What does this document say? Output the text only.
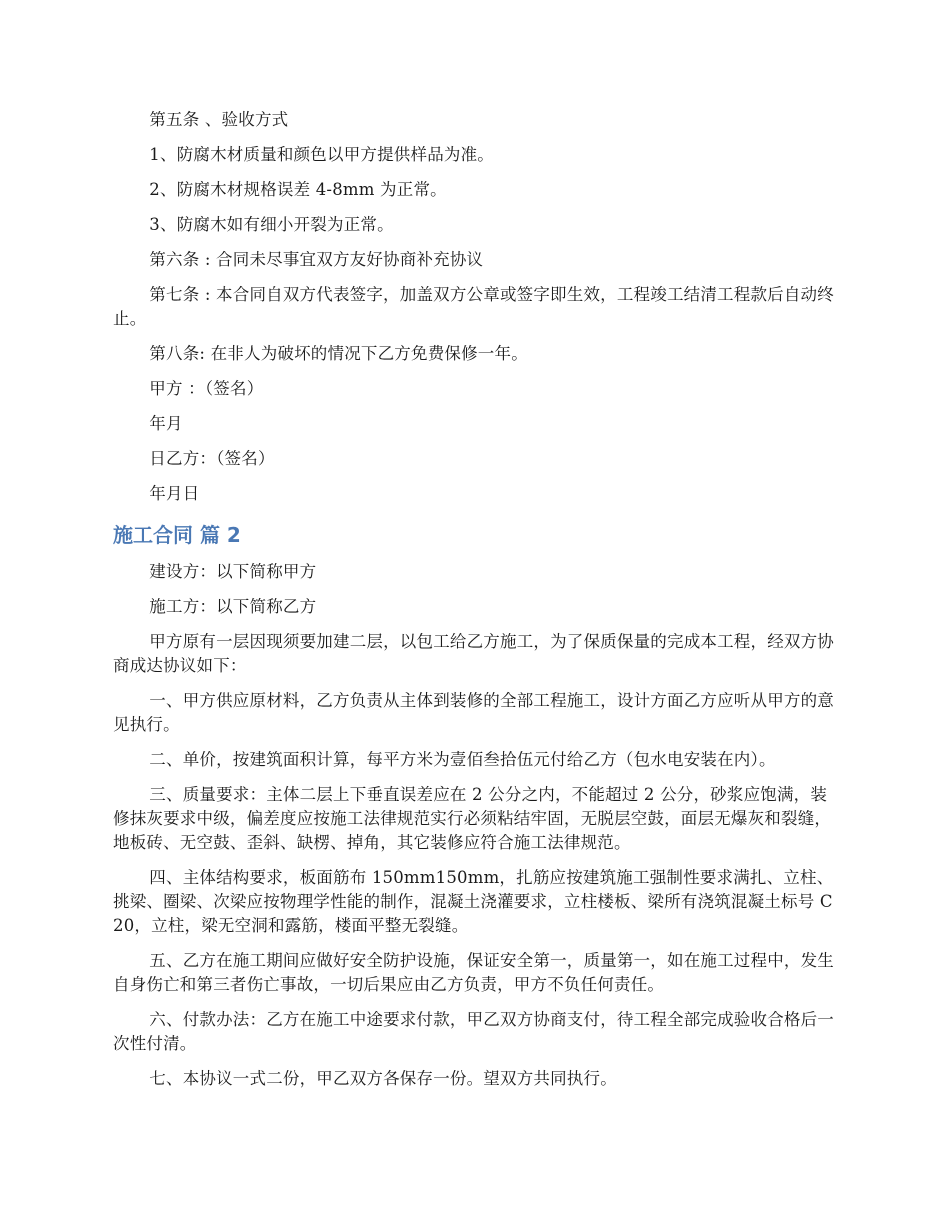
第五条 、验收方式

1、防腐木材质量和颜色以甲方提供样品为准。

2、防腐木材规格误差 4-8mm 为正常。

3、防腐木如有细小开裂为正常。

第六条 : 合同未尽事宜双方友好协商补充协议

第七条 : 本合同自双方代表签字，加盖双方公章或签字即生效，工程竣工结清工程款后自动终止。

第八条: 在非人为破坏的情况下乙方免费保修一年。

甲方 ：（签名）

年月

日乙方：（签名）

年月日

施工合同 篇 2

建设方：以下简称甲方

施工方：以下简称乙方

甲方原有一层因现须要加建二层，以包工给乙方施工，为了保质保量的完成本工程，经双方协商成达协议如下：

一、甲方供应原材料，乙方负责从主体到装修的全部工程施工，设计方面乙方应听从甲方的意见执行。

二、单价，按建筑面积计算，每平方米为壹佰叁拾伍元付给乙方（包水电安装在内）。

三、质量要求：主体二层上下垂直误差应在 2 公分之内，不能超过 2 公分，砂浆应饱满，装修抹灰要求中级，偏差度应按施工法律规范实行必须粘结牢固，无脱层空鼓，面层无爆灰和裂缝，地板砖、无空鼓、歪斜、缺楞、掉角，其它装修应符合施工法律规范。

四、主体结构要求，板面筋布 150mm150mm，扎筋应按建筑施工强制性要求满扎、立柱、挑梁、圈梁、次梁应按物理学性能的制作，混凝土浇灌要求，立柱楼板、梁所有浇筑混凝土标号 C20，立柱，梁无空洞和露筋，楼面平整无裂缝。

五、乙方在施工期间应做好安全防护设施，保证安全第一，质量第一，如在施工过程中，发生自身伤亡和第三者伤亡事故，一切后果应由乙方负责，甲方不负任何责任。

六、付款办法：乙方在施工中途要求付款，甲乙双方协商支付，待工程全部完成验收合格后一次性付清。

七、本协议一式二份，甲乙双方各保存一份。望双方共同执行。
